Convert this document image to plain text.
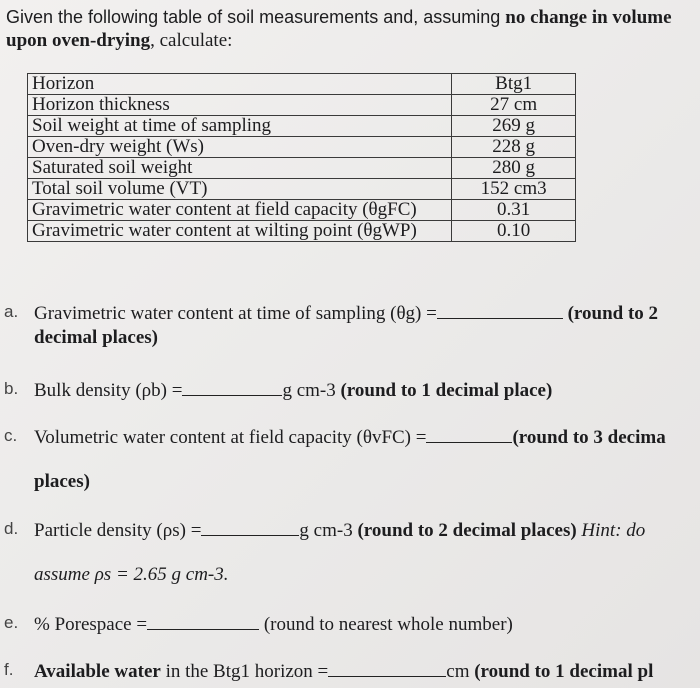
Given the following table of soil measurements and, assuming no change in volume
upon oven-drying, calculate:
Horizon	Btg1
Horizon thickness	27 cm
Soil weight at time of sampling	269 g
Oven-dry weight (Ws)	228 g
Saturated soil weight	280 g
Total soil volume (VT)	152 cm3
Gravimetric water content at field capacity (θgFC)	0.31
Gravimetric water content at wilting point (θgWP)	0.10
a. Gravimetric water content at time of sampling (θg) =	(round to 2
decimal places)
b. Bulk density (ρb) =	g cm-3 (round to 1 decimal place)
c. Volumetric water content at field capacity (θvFC) =	(round to 3 decima
places)
d. Particle density (ρs) =	g cm-3 (round to 2 decimal places) Hint: do
assume ρs = 2.65 g cm-3.
e. % Porespace =	(round to nearest whole number)
f. Available water in the Btg1 horizon =	cm (round to 1 decimal pl
